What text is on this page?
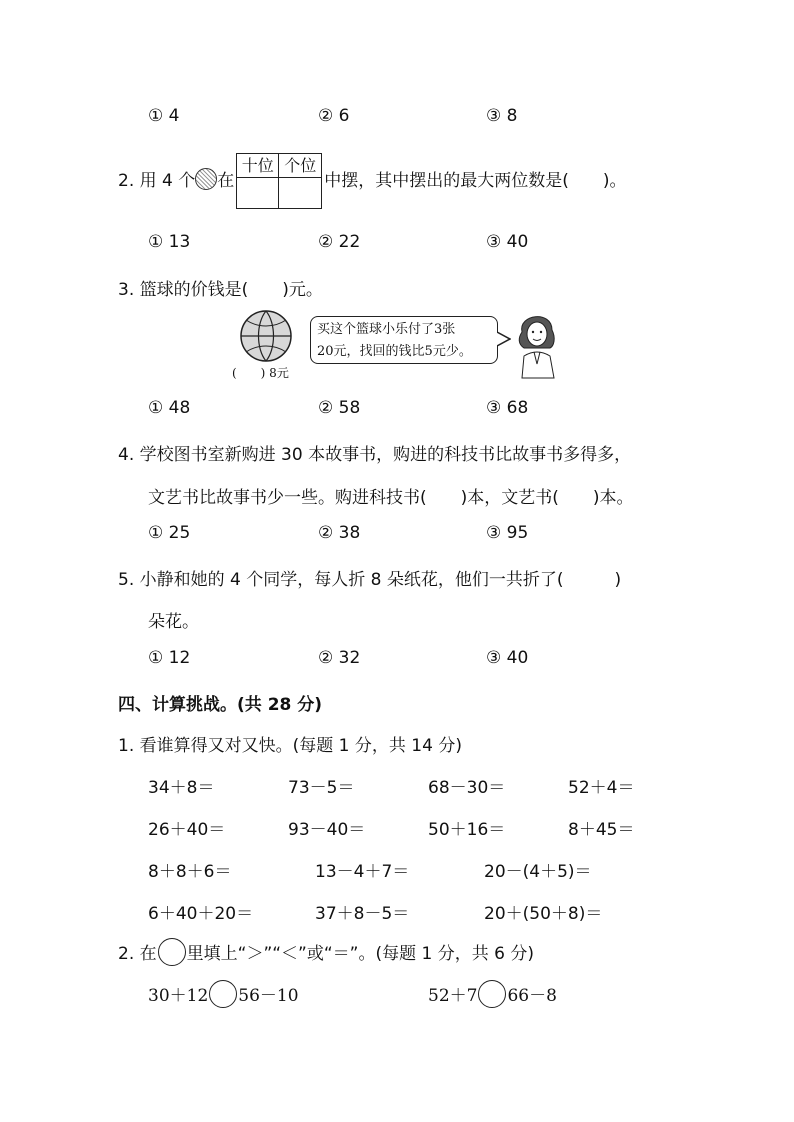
① 4	② 6	③ 8
2. 用 4 个 在
十位 个位
中摆，其中摆出的最大两位数是(　　)。
① 13	② 22	③ 40
3. 篮球的价钱是(　　)元。
(　　) 8元
买这个篮球小乐付了3张
20元，找回的钱比5元少。
① 48	② 58	③ 68
4. 学校图书室新购进 30 本故事书，购进的科技书比故事书多得多，
文艺书比故事书少一些。购进科技书(　　)本，文艺书(　　)本。
① 25	② 38	③ 95
5. 小静和她的 4 个同学，每人折 8 朵纸花，他们一共折了(　　　)
朵花。
① 12	② 32	③ 40
四、计算挑战。(共 28 分)
1. 看谁算得又对又快。(每题 1 分，共 14 分)
34＋8＝	73－5＝	68－30＝	52＋4＝
26＋40＝	93－40＝	50＋16＝	8＋45＝
8＋8＋6＝	13－4＋7＝	20－(4＋5)＝
6＋40＋20＝	37＋8－5＝	20＋(50＋8)＝
2. 在 里填上“＞”“＜”或“＝”。(每题 1 分，共 6 分)
30＋12 56－10	52＋7 66－8
